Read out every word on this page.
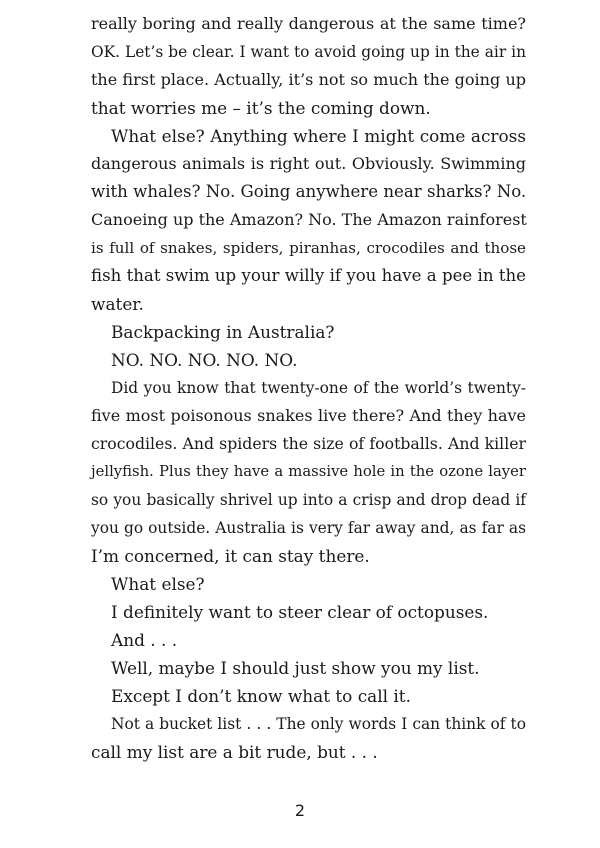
really boring and really dangerous at the same time?
OK. Let’s be clear. I want to avoid going up in the air in
the first place. Actually, it’s not so much the going up
that worries me – it’s the coming down.
What else? Anything where I might come across
dangerous animals is right out. Obviously. Swimming
with whales? No. Going anywhere near sharks? No.
Canoeing up the Amazon? No. The Amazon rainforest
is full of snakes, spiders, piranhas, crocodiles and those
fish that swim up your willy if you have a pee in the
water.
Backpacking in Australia?
NO. NO. NO. NO. NO.
Did you know that twenty-one of the world’s twenty-
five most poisonous snakes live there? And they have
crocodiles. And spiders the size of footballs. And killer
jellyfish. Plus they have a massive hole in the ozone layer
so you basically shrivel up into a crisp and drop dead if
you go outside. Australia is very far away and, as far as
I’m concerned, it can stay there.
What else?
I definitely want to steer clear of octopuses.
And . . .
Well, maybe I should just show you my list.
Except I don’t know what to call it.
Not a bucket list . . . The only words I can think of to
call my list are a bit rude, but . . .
2
